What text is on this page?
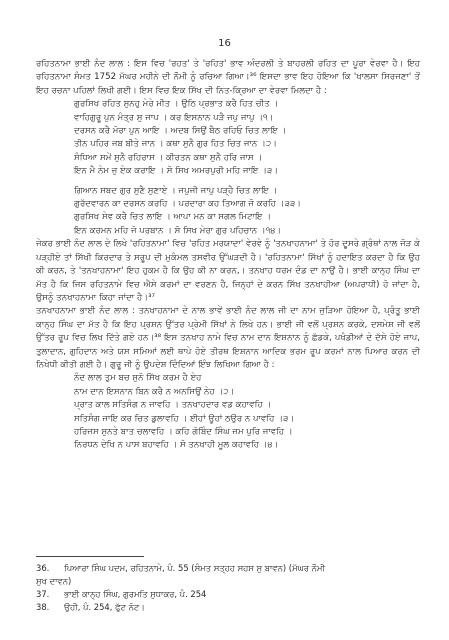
16

ਰਹਿਤਨਾਮਾ ਭਾਈ ਨੰਦ ਲਾਲ : ਇਸ ਵਿਚ 'ਰਹਤ' ਤੇ 'ਰਹਿਤ' ਭਾਵ ਅੰਦਰਲੀ ਤੇ ਬਾਹਰਲੀ ਰਹਿਤ ਦਾ ਪੂਰਾ ਵੇਰਵਾ ਹੈ। ਇਹ ਰਹਿਤਨਾਮਾ ਸੰਮਤ 1752 ਮੱਘਰ ਮਹੀਨੇ ਦੀ ਨੌਮੀ ਨੂੰ ਰਚਿਆ ਗਿਆ।³⁶ ਇਸਦਾ ਭਾਵ ਇਹ ਹੋਇਆ ਕਿ 'ਖਾਲਸਾ ਸਿਰਜਣਾ' ਤੋਂ ਇਹ ਰਚਨਾ ਪਹਿਲਾਂ ਲਿਖੀ ਗਈ। ਇਸ ਵਿਚ ਇਕ ਸਿੱਖ ਦੀ ਨਿਤ-ਕ੍ਰਿਆ ਦਾ ਵੇਰਵਾ ਮਿਲਦਾ ਹੈ :

ਗੁਰਸਿਖ ਰਹਿਤ ਸੁਨਹੁ ਮੇਰੇ ਮੀਤ । ਉਠਿ ਪ੍ਰਭਾਤ ਕਰੈ ਹਿਤ ਚੀਤ ।
ਵਾਹਿਗੁਰੂ ਪੁਨ ਮੰਤ੍ਰ ਸੁ ਜਾਪ । ਕਰ ਇਸਨਾਨ ਪੜੈ ਜਪੁ ਜਾਪੁ ।੧।
ਦਰਸਨ ਕਰੈ ਮੋਰਾ ਪੁਨ ਆਇ । ਅਦਬ ਸਿਉਂ ਬੈਠ ਰਹਿਓ ਚਿਤ ਲਾਇ ।
ਤੀਨ ਪਹਿਰ ਜਬ ਬੀਤੇ ਜਾਨ । ਕਥਾ ਸੁਨੈ ਗੁਰ ਹਿਤ ਚਿਤ ਜਾਨ ।੨।
ਸੰਧਿਆ ਸਮੇਂ ਸੁਨੈ ਰਹਿਰਾਸ । ਕੀਰਤਨ ਕਥਾ ਸੁਨੈ ਹਰਿ ਜਾਸ ।
ਇਨ ਮੈ ਨੇਮ ਜੁ ਏਕ ਕਰਾਇ । ਸੋ ਸਿਖ ਅਮਰਪੁਰੀ ਮਹਿ ਜਾਇ ।੩।
ਗਿਆਨ ਸਬਦ ਗੁਰ ਸੁਣੈ ਸੁਣਾਏ । ਜਪੁਜੀ ਜਾਪੁ ਪੜ੍ਹੈ ਚਿਤ ਲਾਇ ।
ਗੁਰੱਦਵਾਰਨ ਕਾ ਦਰਸਨ ਕਰਹਿ । ਪਰਦਾਰਾ ਕਹ ਤਿਆਗ ਜੋ ਕਰਹਿ ।੩੩।
ਗੁਰਸਿਖ ਸੇਵ ਕਰੈ ਚਿਤ ਲਾਇ । ਆਪਾ ਮਨ ਕਾ ਸਗਲ ਮਿਟਾਇ ।
ਇਨ ਕਰਮਨ ਮਹਿ ਜੋ ਪਰਬਾਨ । ਸੋ ਸਿਖ ਮੇਰਾ ਗੁਰ ਪਹਿਚਾਨ ।੧੪।

ਜੇਕਰ ਭਾਈ ਨੰਦ ਲਾਲ ਦੇ ਲਿਖੇ 'ਰਹਿਤਨਾਮਾ' ਵਿਚ 'ਰਹਿਤ ਮਰਯਾਦਾ' ਵੇਰਵੇ ਨੂੰ 'ਤਨਖਾਹਨਾਮਾ' ਤੇ ਹੋਰ ਦੂਸਰੇ ਗ੍ਰੰਥਾਂ ਨਾਲ ਜੋੜ ਕੇ ਪੜ੍ਹੀਏ ਤਾਂ ਸਿੱਖੀ ਕਿਰਦਾਰ ਤੇ ਸਰੂਪ ਦੀ ਮੁਕੰਮਲ ਤਸਵੀਰ ਉੱਘੜਦੀ ਹੈ। 'ਰਹਿਤਨਾਮਾ' ਸਿੱਖਾਂ ਨੂੰ ਹਦਾਇਤ ਕਰਦਾ ਹੈ ਕਿ ਉਹ ਕੀ ਕਰਨ, ਤੇ 'ਤਨਖਾਹਨਾਮਾ' ਇਹ ਹੁਕਮ ਹੈ ਕਿ ਉਹ ਕੀ ਨਾ ਕਰਨ,। ਤਨਖਾਹ ਧਰਮ ਦੰਡ ਦਾ ਨਾਉਂ ਹੈ। ਭਾਈ ਕਾਨ੍ਹ ਸਿੰਘ ਦਾ ਮੱਤ ਹੈ ਕਿ ਜਿਸ ਰਹਿਤਨਾਮੇ ਵਿਚ ਐਸੇ ਕਰਮਾਂ ਦਾ ਵਰਣਨ ਹੈ, ਜਿਨ੍ਹਾਂ ਦੇ ਕਰਨ ਸਿੱਖ ਤਨਖਾਹੀਆ (ਅਪਰਾਧੀ) ਹੋ ਜਾਂਦਾ ਹੈ, ਉਸਨੂੰ ਤਨਖਾਹਨਾਮਾ ਕਿਹਾ ਜਾਂਦਾ ਹੈ।³⁷

ਤਨਖਾਹਨਾਮਾ ਭਾਈ ਨੰਦ ਲਾਲ : ਤਨਖਾਹਨਾਮਾ ਦੇ ਨਾਲ ਭਾਵੇਂ ਭਾਈ ਨੰਦ ਲਾਲ ਜੀ ਦਾ ਨਾਮ ਜੁੜਿਆ ਹੋਇਆ ਹੈ, ਪ੍ਰੰਤੂ ਭਾਈ ਕਾਨ੍ਹ ਸਿੰਘ ਦਾ ਮੱਤ ਹੈ ਕਿ ਇਹ ਪ੍ਰਸ਼ਨ ਉੱਤਰ ਪ੍ਰੇਮੀ ਸਿੱਖਾਂ ਨੇ ਲਿਖੇ ਹਨ। ਭਾਈ ਜੀ ਵਲੋਂ ਪ੍ਰਸ਼ਨ ਕਰਕੇ, ਦਸਮੇਸ਼ ਜੀ ਵਲੋਂ ਉੱਤਰ ਰੂਪ ਵਿਚ ਲਿਖ ਦਿੱਤੇ ਗਏ ਹਨ।³⁸ ਇਸ ਤਨਖਾਹ ਨਾਮੇ ਵਿਚ ਨਾਮ ਦਾਨ ਇਸ਼ਨਾਨ ਨੂੰ ਛੱਡਕੇ, ਪਖੰਡੀਆਂ ਦੇ ਦੱਸੇ ਹੋਏ ਜਾਪ, ਤੁਲਾਦਾਨ, ਗੁਹਿਦਾਨ ਅਤੇ ਯਸ ਸਮਿਆਂ ਲਈ ਥਾਪੇ ਹੋਏ ਤੀਰਥ ਇਸ਼ਨਾਨ ਆਦਿਕ ਭਰਮ ਰੂਪ ਕਰਮਾਂ ਨਾਲ ਪਿਆਰ ਕਰਨ ਦੀ ਨਿਖੇਧੀ ਕੀਤੀ ਗਈ ਹੈ। ਗੁਰੂ ਜੀ ਨੂੰ ਉਪਦੇਸ਼ ਦਿੰਦਿਆਂ ਇੰਝ ਲਿਖਿਆ ਗਿਆ ਹੈ :

ਨੰਦ ਲਾਲ ਤੁਮ ਬਚ ਸੁਨੋ ਸਿੱਖ ਕਰਮ ਹੈ ਏਹ
ਨਾਮ ਦਾਨ ਇਸਨਾਨ ਬਿਨ ਕਰੈ ਨ ਅਨਸਿਉਂ ਨੇਹ ।੨।
ਪ੍ਰਾਤ ਕਾਲ ਸਤਿਸੰਗ ਨ ਜਾਵਹਿ । ਤਨਖਾਹਦਾਰ ਵਡ ਕਹਾਵਹਿ ।
ਸਤਿਸੰਗ ਜਾਇ ਕਰ ਚਿਤ ਡੁਲਾਵਹਿ । ਈਹਾਂ ਊਹਾਂ ਠਉਰ ਨ ਪਾਵਹਿ ।੩।
ਹਰਿਜਸ ਸੁਨਤੇ ਬਾਤ ਚਲਾਵਹਿ । ਕਹਿ ਗੋਬਿੰਦ ਸਿੰਘ ਜਮ ਪੁਰਿ ਜਾਵਹਿ ।
ਨਿਰਧਨ ਦੇਖਿ ਨ ਪਾਸ ਬਹਾਵਹਿ । ਸੋ ਤਨਖਾਹੀ ਮੂਲ ਕਹਾਵਹਿ ।੪।
36.	ਪਿਆਰਾ ਸਿੰਘ ਪਦਮ, ਰਹਿਤਨਾਮੇ, ਪੰ. 55 (ਸੰਮਤ ਸਤ੍ਹਹ ਸਹਸ ਸੁ ਬਾਵਨ) (ਮੱਘਰ ਨੌਮੀ
ਸੁਖ ਦਾਵਨ)
37.	ਭਾਈ ਕਾਨ੍ਹ ਸਿੰਘ, ਗੁਰਮਤਿ ਸੁਧਾਕਰ, ਪੰ. 254
38.	ਉਹੀ, ਪੰ. 254, ਫੁੱਟ ਨੋਟ।
